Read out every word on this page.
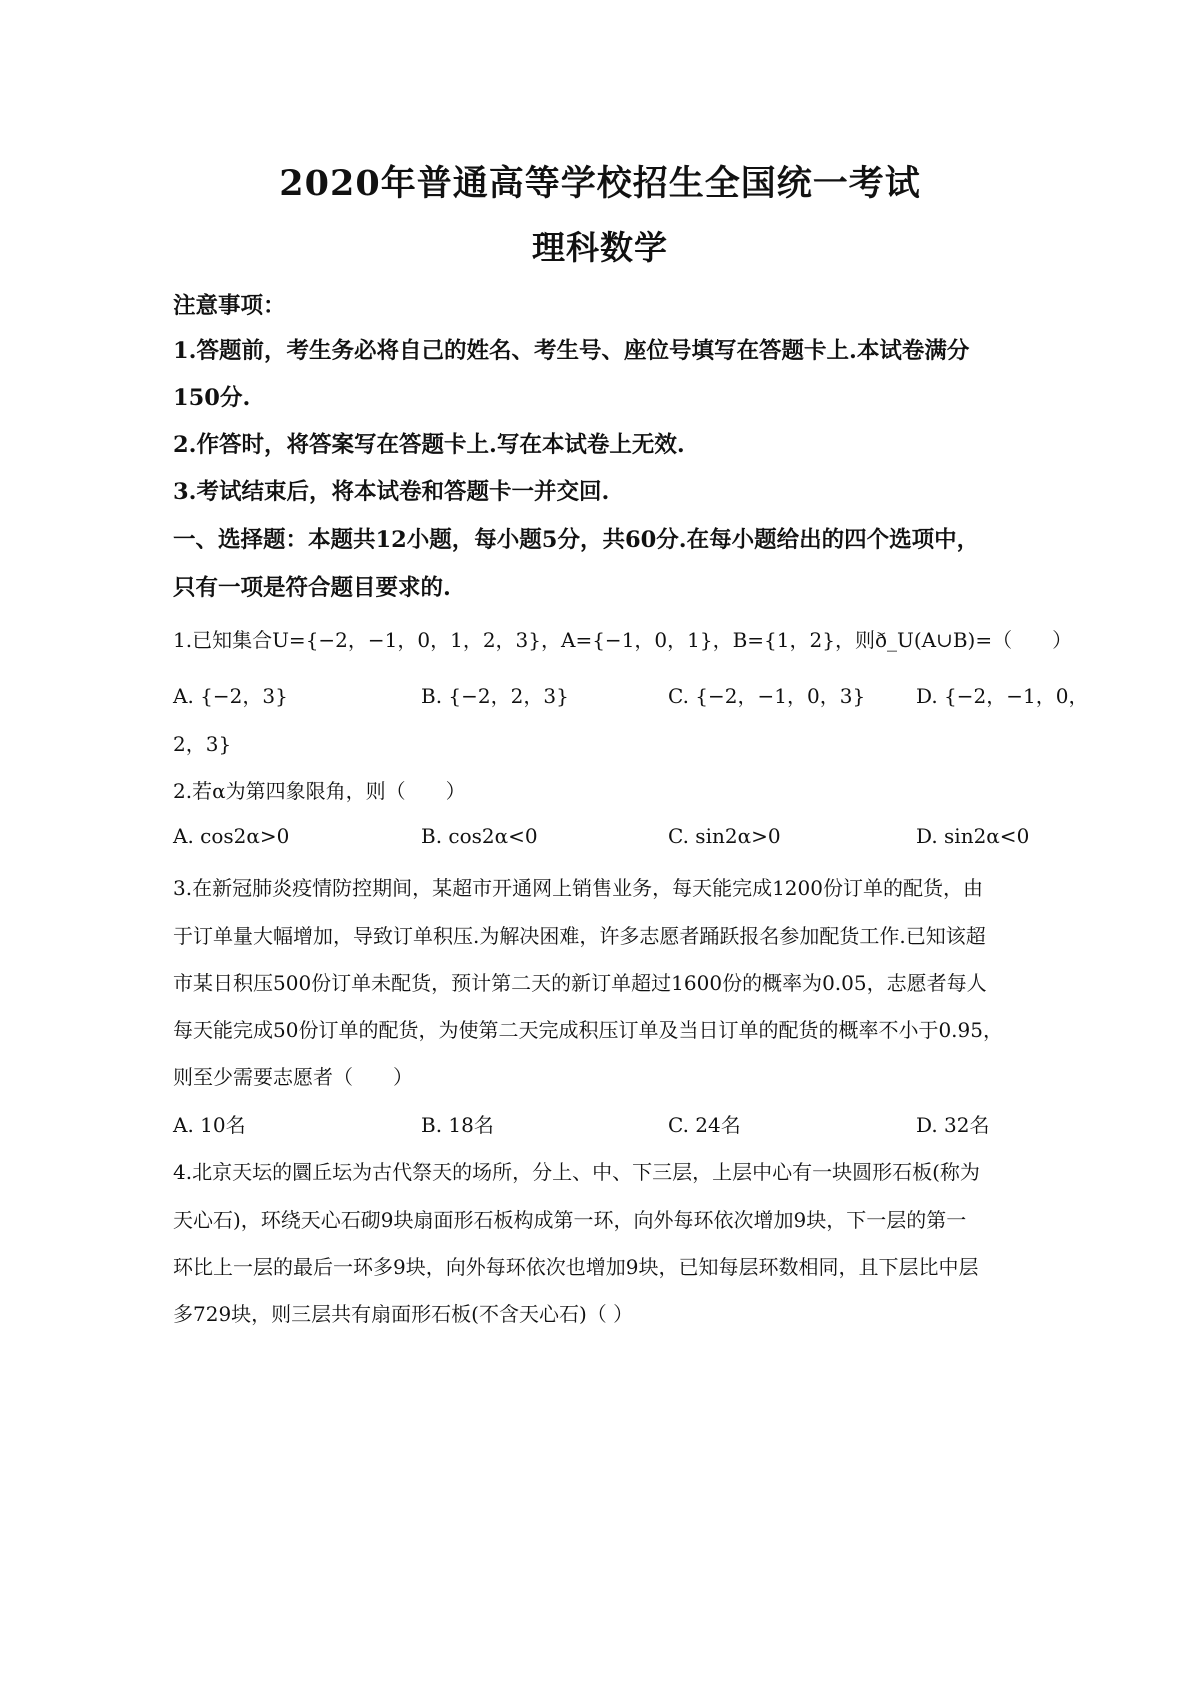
2020年普通高等学校招生全国统一考试
理科数学
注意事项：
1.答题前，考生务必将自己的姓名、考生号、座位号填写在答题卡上.本试卷满分
150分.
2.作答时，将答案写在答题卡上.写在本试卷上无效.
3.考试结束后，将本试卷和答题卡一并交回.
一、选择题：本题共12小题，每小题5分，共60分.在每小题给出的四个选项中，
只有一项是符合题目要求的.
1.已知集合U={−2，−1，0，1，2，3}，A={−1，0，1}，B={1，2}，则ð_U(A∪B)=（　　）
A. {−2，3}	B. {−2，2，3}	C. {−2，−1，0，3}	D. {−2，−1，0，
2，3}
2.若α为第四象限角，则（　　）
A. cos2α>0	B. cos2α<0	C. sin2α>0	D. sin2α<0
3.在新冠肺炎疫情防控期间，某超市开通网上销售业务，每天能完成1200份订单的配货，由
于订单量大幅增加，导致订单积压.为解决困难，许多志愿者踊跃报名参加配货工作.已知该超
市某日积压500份订单未配货，预计第二天的新订单超过1600份的概率为0.05，志愿者每人
每天能完成50份订单的配货，为使第二天完成积压订单及当日订单的配货的概率不小于0.95，
则至少需要志愿者（　　）
A. 10名	B. 18名	C. 24名	D. 32名
4.北京天坛的圜丘坛为古代祭天的场所，分上、中、下三层，上层中心有一块圆形石板(称为
天心石)，环绕天心石砌9块扇面形石板构成第一环，向外每环依次增加9块，下一层的第一
环比上一层的最后一环多9块，向外每环依次也增加9块，已知每层环数相同，且下层比中层
多729块，则三层共有扇面形石板(不含天心石)（ ）
